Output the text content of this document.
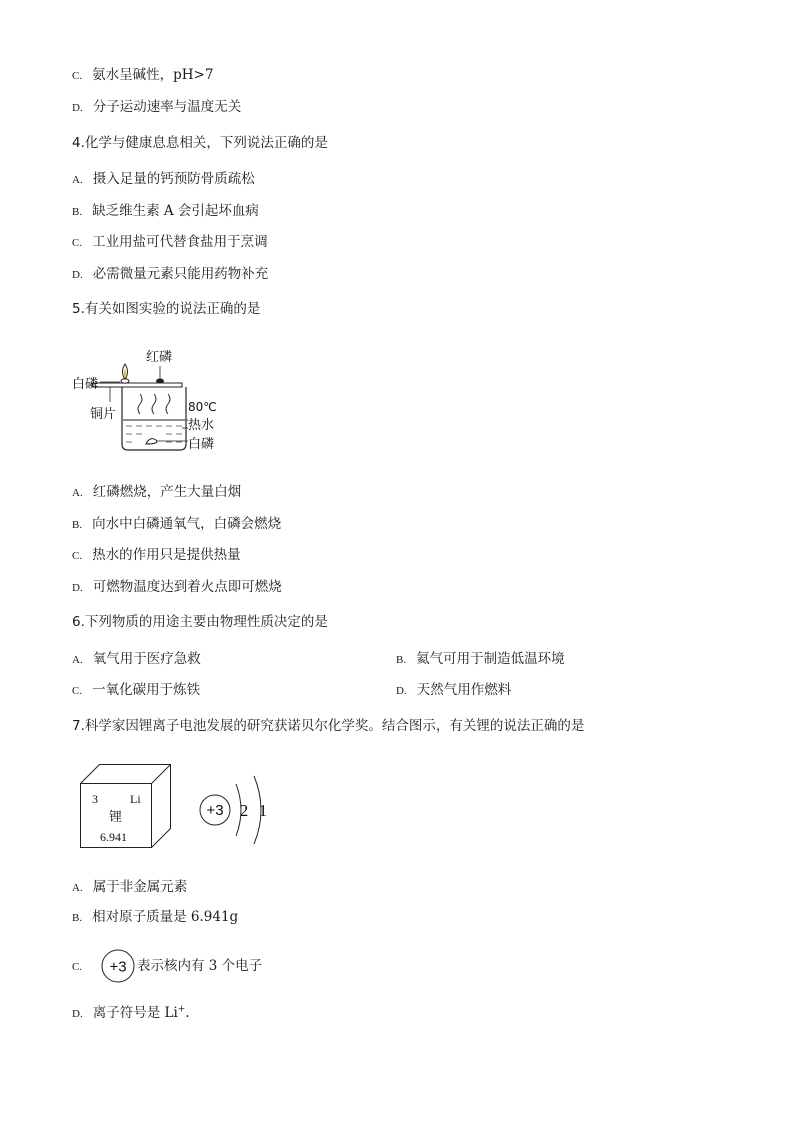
C. 氨水呈碱性，pH>7
D. 分子运动速率与温度无关
4.化学与健康息息相关，下列说法正确的是
A. 摄入足量的钙预防骨质疏松
B. 缺乏维生素 A 会引起坏血病
C. 工业用盐可代替食盐用于烹调
D. 必需微量元素只能用药物补充
5.有关如图实验的说法正确的是
红磷
白磷
铜片	80℃
热水
白磷
A. 红磷燃烧，产生大量白烟
B. 向水中白磷通氧气，白磷会燃烧
C. 热水的作用只是提供热量
D. 可燃物温度达到着火点即可燃烧
6.下列物质的用途主要由物理性质决定的是
A. 氧气用于医疗急救	B. 氦气可用于制造低温环境
C. 一氧化碳用于炼铁	D. 天然气用作燃料
7.科学家因锂离子电池发展的研究获诺贝尔化学奖。结合图示，有关锂的说法正确的是
3	Li
锂
6.941
+3 2 1
A. 属于非金属元素
B. 相对原子质量是 6.941g
C.	+3 表示核内有 3 个电子
D. 离子符号是 Li+.
